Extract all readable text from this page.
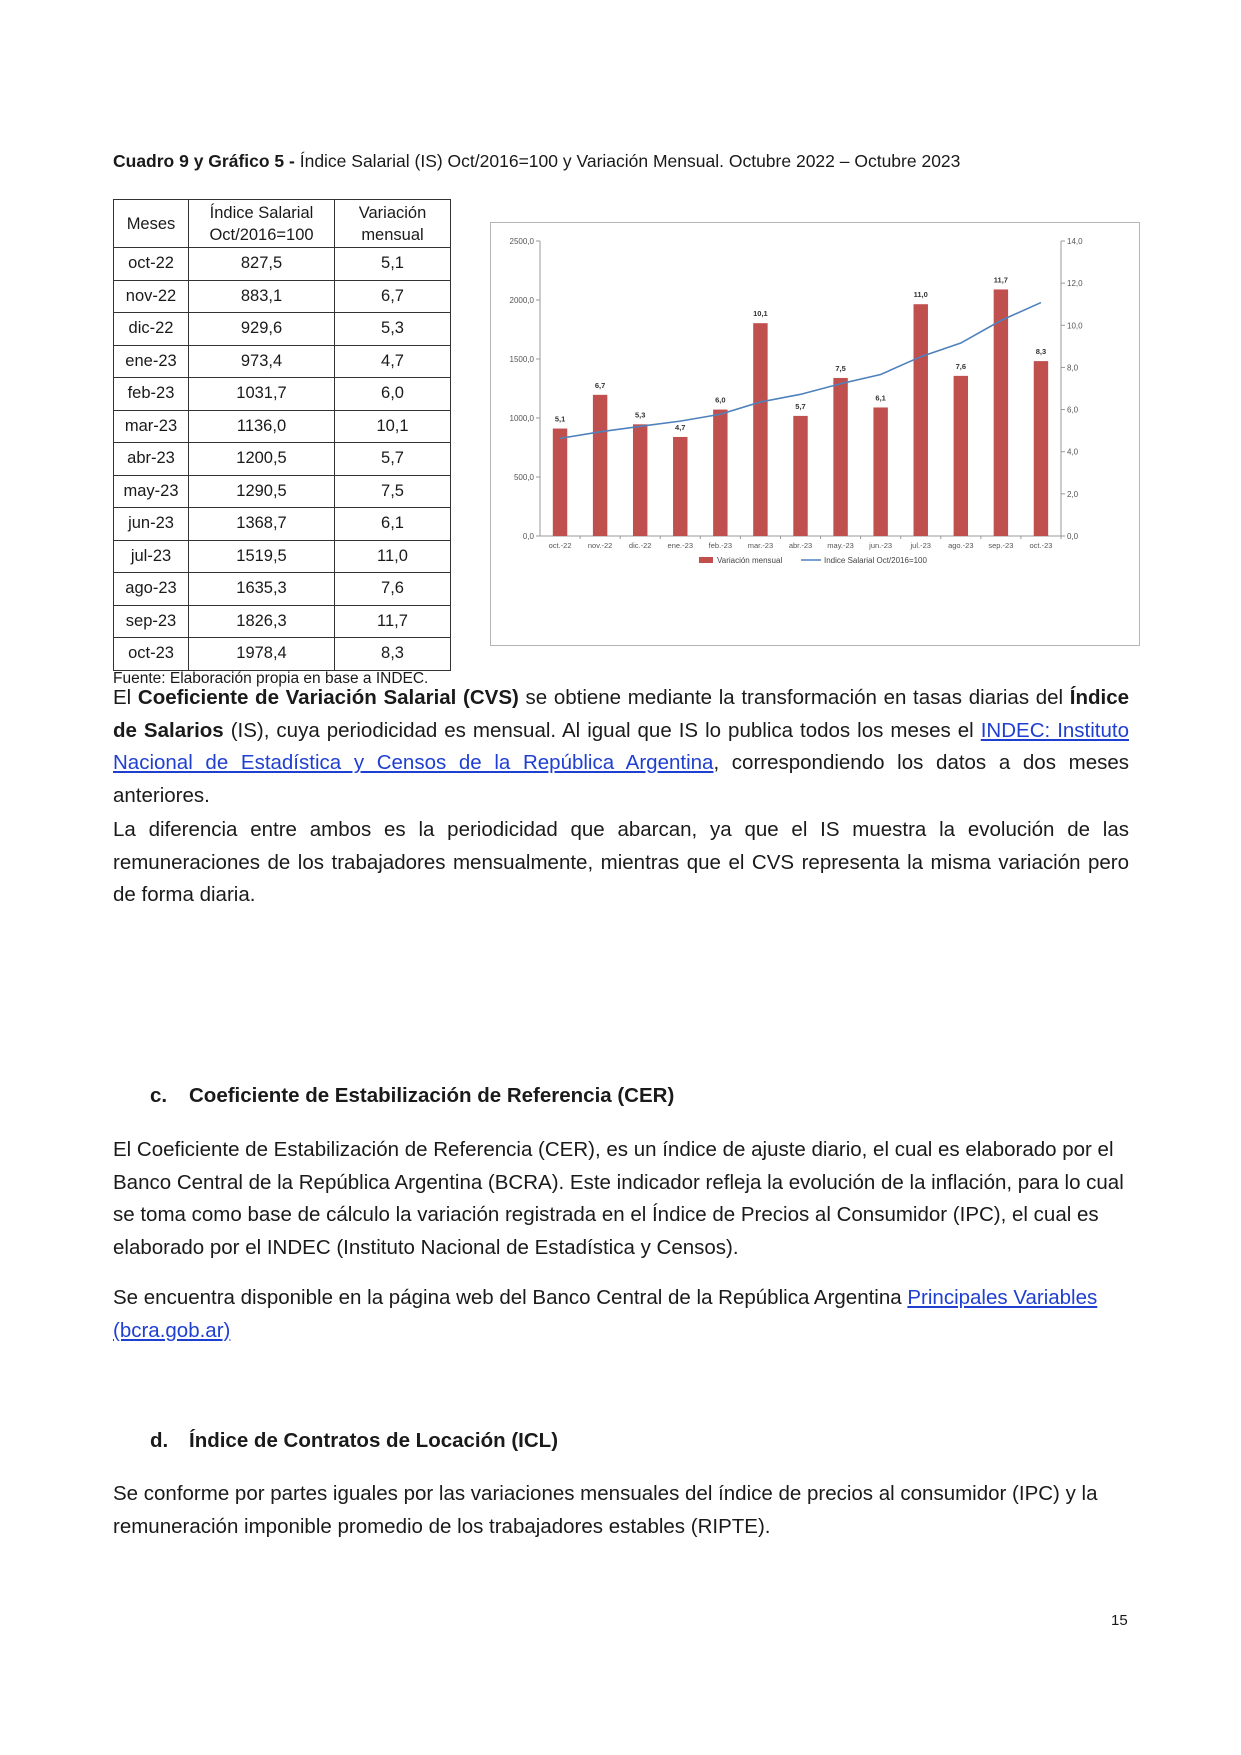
Cuadro 9 y Gráfico 5 - Índice Salarial (IS) Oct/2016=100 y Variación Mensual. Octubre 2022 – Octubre 2023
Meses	Índice Salarial Oct/2016=100	Variación mensual
oct-22	827,5	5,1
nov-22	883,1	6,7
dic-22	929,6	5,3
ene-23	973,4	4,7
feb-23	1031,7	6,0
mar-23	1136,0	10,1
abr-23	1200,5	5,7
may-23	1290,5	7,5
jun-23	1368,7	6,1
jul-23	1519,5	11,0
ago-23	1635,3	7,6
sep-23	1826,3	11,7
oct-23	1978,4	8,3
Fuente: Elaboración propia en base a INDEC.
0,0
500,0
1000,0
1500,0
2000,0
2500,0
0,0
2,0
4,0
6,0
8,0
10,0
12,0
14,0
5,1
oct.-22
6,7
nov.-22
5,3
dic.-22
4,7
ene.-23
6,0
feb.-23
10,1
mar.-23
5,7
abr.-23
7,5
may.-23
6,1
jun.-23
11,0
jul.-23
7,6
ago.-23
11,7
sep.-23
8,3
oct.-23
Variación mensual	Indice Salarial Oct/2016=100
El Coeficiente de Variación Salarial (CVS) se obtiene mediante la transformación en tasas diarias del Índice de Salarios (IS), cuya periodicidad es mensual. Al igual que IS lo publica todos los meses el INDEC: Instituto Nacional de Estadística y Censos de la República Argentina, correspondiendo los datos a dos meses anteriores.
La diferencia entre ambos es la periodicidad que abarcan, ya que el IS muestra la evolución de las remuneraciones de los trabajadores mensualmente, mientras que el CVS representa la misma variación pero de forma diaria.
c. Coeficiente de Estabilización de Referencia (CER)
El Coeficiente de Estabilización de Referencia (CER), es un índice de ajuste diario, el cual es elaborado por el Banco Central de la República Argentina (BCRA). Este indicador refleja la evolución de la inflación, para lo cual se toma como base de cálculo la variación registrada en el Índice de Precios al Consumidor (IPC), el cual es elaborado por el INDEC (Instituto Nacional de Estadística y Censos).
Se encuentra disponible en la página web del Banco Central de la República Argentina Principales Variables (bcra.gob.ar)
d. Índice de Contratos de Locación (ICL)
Se conforme por partes iguales por las variaciones mensuales del índice de precios al consumidor (IPC) y la remuneración imponible promedio de los trabajadores estables (RIPTE).
15
